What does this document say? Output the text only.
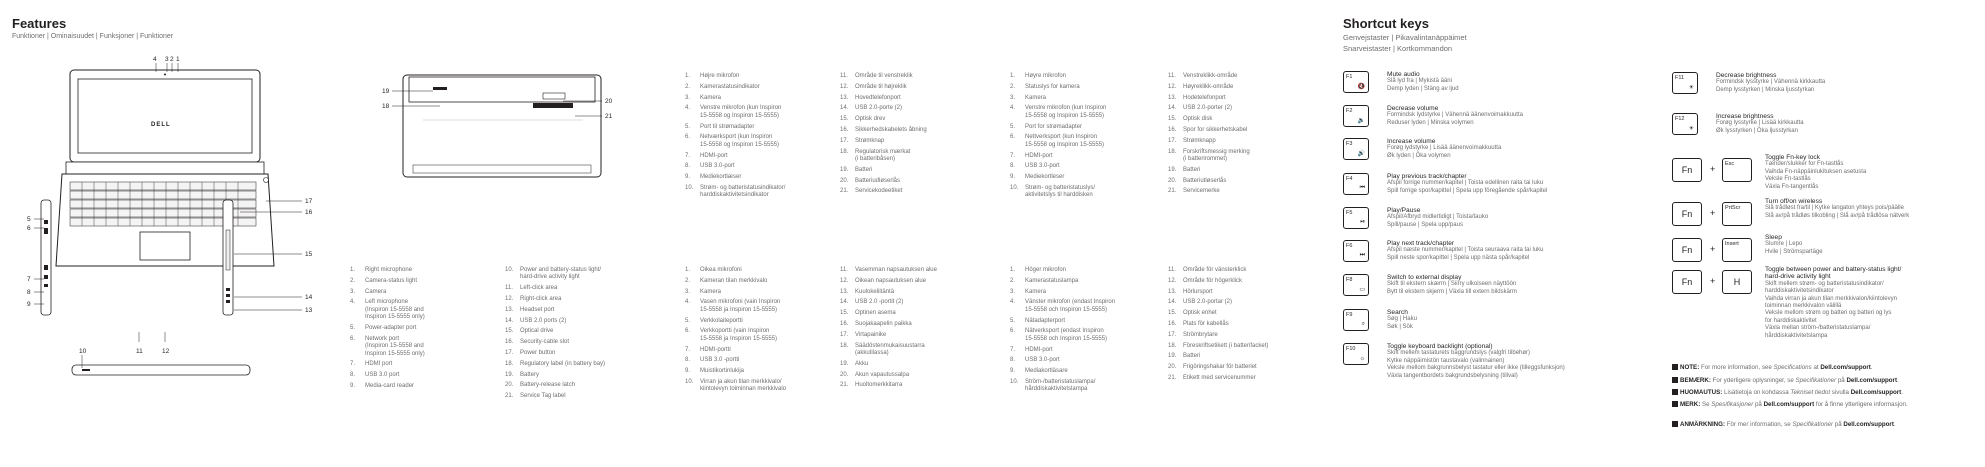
Features
Funktioner | Ominaisuudet | Funksjoner | Funktioner
DELL
4 3 2 1
5
6
7
8
9
10	11	12
13
14
15
16
17
18
19
20
21
1.	Right microphone
2.	Camera-status light
3.	Camera
4.	Left microphone
(Inspiron 15-5558 and
Inspiron 15-5555 only)
5.	Power-adapter port
6.	Network port
(Inspiron 15-5558 and
Inspiron 15-5555 only)
7.	HDMI port
8.	USB 3.0 port
9.	Media-card reader
10.	Power and battery-status light/
hard-drive activity light
11.	Left-click area
12.	Right-click area
13.	Headset port
14.	USB 2.0 ports (2)
15.	Optical drive
16.	Security-cable slot
17.	Power button
18.	Regulatory label (in battery bay)
19.	Battery
20.	Battery-release latch
21.	Service Tag label
1.	Højre mikrofon
2.	Kamerastatusindikator
3.	Kamera
4.	Venstre mikrofon (kun Inspiron
15-5558 og Inspiron 15-5555)
5.	Port til strømadapter
6.	Netværksport (kun Inspiron
15-5558 og Inspiron 15-5555)
7.	HDMI-port
8.	USB 3.0-port
9.	Mediekortlæser
10.	Strøm- og batteristatusindikator/
harddiskaktivitetsindikator
11.	Område til venstreklik
12.	Område til højreklik
13.	Hovedtelefonport
14.	USB 2.0-porte (2)
15.	Optisk drev
16.	Sikkerhedskabelets åbning
17.	Strømknap
18.	Regulatorisk mærkat
(i batteribåsen)
19.	Batteri
20.	Batteriudløserlås
21.	Servicekodeetiket
1.	Oikea mikrofoni
2.	Kameran tilan merkkivalo
3.	Kamera
4.	Vasen mikrofoni (vain Inspiron
15-5558 ja Inspiron 15-5555)
5.	Verkkolaiteportti
6.	Verkkoportti (vain Inspiron
15-5558 ja Inspiron 15-5555)
7.	HDMI-portti
8.	USB 3.0 -portti
9.	Muistikortinlukija
10.	Virran ja akun tilan merkkivalo/
kiintolevyn toiminnan merkkivalo
11.	Vasemman napsautuksen alue
12.	Oikean napsautuksen alue
13.	Kuulokeliitäntä
14.	USB 2.0 -portit (2)
15.	Optinen asema
16.	Suojakaapelin paikka
17.	Virtapainike
18.	Säädöstenmukaisuustarra
(akkutilassa)
19.	Akku
20.	Akun vapautussalpa
21.	Huoltomerkkitarra
1.	Høyre mikrofon
2.	Statuslys for kamera
3.	Kamera
4.	Venstre mikrofon (kun Inspiron
15-5558 og Inspiron 15-5555)
5.	Port for strømadapter
6.	Nettverksport (kun Inspiron
15-5558 og Inspiron 15-5555)
7.	HDMI-port
8.	USB 3.0-port
9.	Mediekortleser
10.	Strøm- og batteristatuslys/
aktivitetslys til harddisken
11.	Venstreklikk-område
12.	Høyreklikk-område
13.	Hodetelefonport
14.	USB 2.0-porter (2)
15.	Optisk disk
16.	Spor for sikkerhetskabel
17.	Strømknapp
18.	Forskriftsmessig merking
(i batterirommet)
19.	Batteri
20.	Batteriutløserlås
21.	Servicemerke
1.	Höger mikrofon
2.	Kamerastatuslampa
3.	Kamera
4.	Vänster mikrofon (endast Inspiron
15-5558 och Inspiron 15-5555)
5.	Nätadapterport
6.	Nätverksport (endast Inspiron
15-5558 och Inspiron 15-5555)
7.	HDMI-port
8.	USB 3.0-port
9.	Mediakortläsare
10.	Ström-/batteristatuslampa/
hårddiskaktivitetslampa
11.	Område för vänsterklick
12.	Område för högerklick
13.	Hörlursport
14.	USB 2.0-portar (2)
15.	Optisk enhet
16.	Plats för kabellås
17.	Strömbrytare
18.	Föreskriftsetikett (i batterifacket)
19.	Batteri
20.	Frigöringshakar för batteriet
21.	Etikett med servicenummer
Shortcut keys
Genvejstaster | Pikavalintanäppäimet
Snarveistaster | Kortkommandon
F1
🔇
Mute audio
Slå lyd fra | Mykistä ääni
Demp lyden | Stäng av ljud
F2
🔉
Decrease volume
Formindsk lydstyrke | Vähennä äänenvoimakkuutta
Reduser lyden | Minska volymen
F3
🔊
Increase volume
Forøg lydstyrke | Lisää äänenvoimakkuutta
Øk lyden | Öka volymen
F4
⏮
Play previous track/chapter
Afspil forrige nummer/kapitel | Toista edellinen raita tai luku
Spill forrige spor/kapittel | Spela upp föregående spår/kapitel
F5
⏯
Play/Pause
Afspil/Afbryd midlertidigt | Toista/tauko
Spill/pause | Spela upp/paus
F6
⏭
Play next track/chapter
Afspil næste nummer/kapitel | Toista seuraava raita tai luku
Spill neste spor/kapittel | Spela upp nästa spår/kapitel
F8
▭
Switch to external display
Skift til ekstern skærm | Siirry ulkoiseen näyttöön
Bytt til ekstern skjerm | Växla till extern bildskärm
F9
⌕
Search
Søg | Haku
Søk | Sök
F10
☼
Toggle keyboard backlight (optional)
Skift mellem tastaturets baggrundslys (valgfri tilbehør)
Kytke näppäimistön taustavalo (valinnainen)
Veksle mellom bakgrunnsbelyst tastatur eller ikke (tilleggsfunksjon)
Växla tangentbordets bakgrundsbelysning (tillval)
F11
☀
Decrease brightness
Formindsk lysstyrke | Vähennä kirkkautta
Demp lysstyrken | Minska ljusstyrkan
F12
☀
Increase brightness
Forøg lysstyrke | Lisää kirkkautta
Øk lysstyrken | Öka ljusstyrkan
Fn	+ Esc
Toggle Fn-key lock
Tænder/slukker for Fn-tastlås
Vaihda Fn-näppäinlukituksen asetusta
Veksle Fn-tastlås
Växla Fn-tangentlås
Fn	+ PrtScr
Turn off/on wireless
Slå trådløst fra/til | Kytke langaton yhteys pois/päälle
Slå av/på trådløs tilkobling | Slå av/på trådlösa nätverk
Fn	+ Insert
Sleep
Slumre | Lepo
Hvile | Strömspartäge
Fn	+	H
Toggle between power and battery-status light/
hard-drive activity light
Skift mellem strøm- og batteristatusindikator/
harddiskaktivitetsindikator
Vaihda virran ja akun tilan merkkivalon/kiintolevyn
toiminnan merkkivalon välillä
Veksle mellom strøm og batteri og batteri og lys
for harddiskaktivitet
Växla mellan ström-/batteristatuslampa/
hårddiskaktivitetslampa
NOTE: For more information, see Specifications at Dell.com/support.
BEMÆRK: For yderligere oplysninger, se Specifikationer på Dell.com/support.
HUOMAUTUS: Lisätietoja on kohdassa Tekniset tiedot sivulla Dell.com/support.
MERK: Se Spesifikasjoner på Dell.com/support for å finne ytterligere informasjon.
ANMÄRKNING: För mer information, se Specifikationer på Dell.com/support.
